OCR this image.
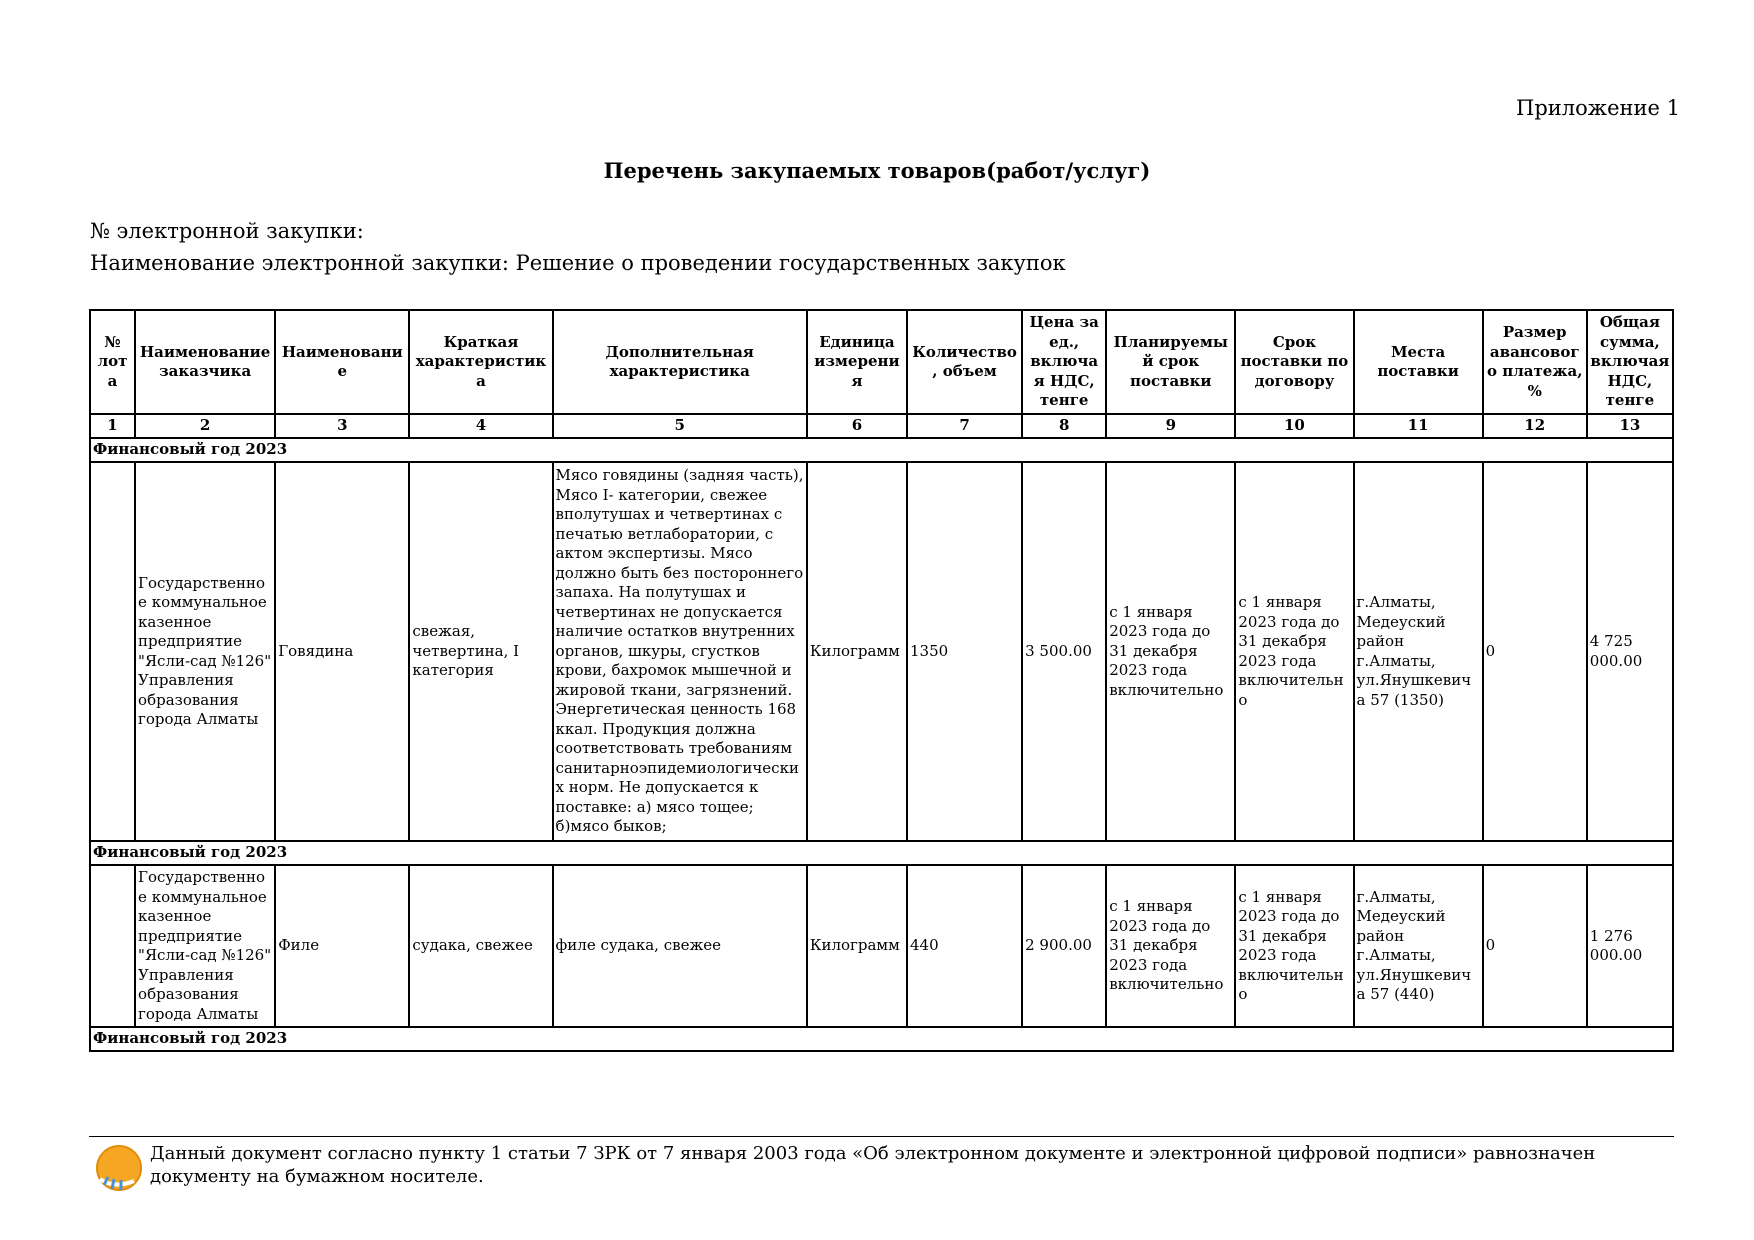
Приложение 1
Перечень закупаемых товаров(работ/услуг)
№ электронной закупки:
Наименование электронной закупки: Решение о проведении государственных закупок
№ лота	Наименование заказчика	Наименование	Краткая характеристика	Дополнительная характеристика	Единица измерения	Количество, объем	Цена за ед., включая НДС, тенге	Планируемый срок поставки	Срок поставки по договору	Места поставки	Размер авансового платежа, %	Общая сумма, включая НДС, тенге
1	2	3	4	5	6	7	8	9	10	11	12	13
Финансовый год 2023												
	Государственное коммунальное казенное предприятие "Ясли-сад №126" Управления образования города Алматы	Говядина	свежая, четвертина, I категория	Мясо говядины (задняя часть), Мясо I- категории, свежее вполутушах и четвертинах с печатью ветлаборатории, с актом экспертизы. Мясо должно быть без постороннего запаха. На полутушах и четвертинах не допускается наличие остатков внутренних органов, шкуры, сгустков крови, бахромок мышечной и жировой ткани, загрязнений. Энергетическая ценность 168 ккал. Продукция должна соответствовать требованиям санитарноэпидемиологических норм. Не допускается к поставке: а) мясо тощее; б)мясо быков;	Килограмм	1350	3 500.00	с 1 января 2023 года до 31 декабря 2023 года включительно	с 1 января 2023 года до 31 декабря 2023 года включительно	г.Алматы, Медеуский район г.Алматы, ул.Янушкевича 57 (1350)	0	4 725 000.00
Финансовый год 2023												
	Государственное коммунальное казенное предприятие "Ясли-сад №126" Управления образования города Алматы	Филе	судака, свежее	филе судака, свежее	Килограмм	440	2 900.00	с 1 января 2023 года до 31 декабря 2023 года включительно	с 1 января 2023 года до 31 декабря 2023 года включительно	г.Алматы, Медеуский район г.Алматы, ул.Янушкевича 57 (440)	0	1 276 000.00
Финансовый год 2023												
Данный документ согласно пункту 1 статьи 7 ЗРК от 7 января 2003 года «Об электронном документе и электронной цифровой подписи» равнозначен документу на бумажном носителе.
